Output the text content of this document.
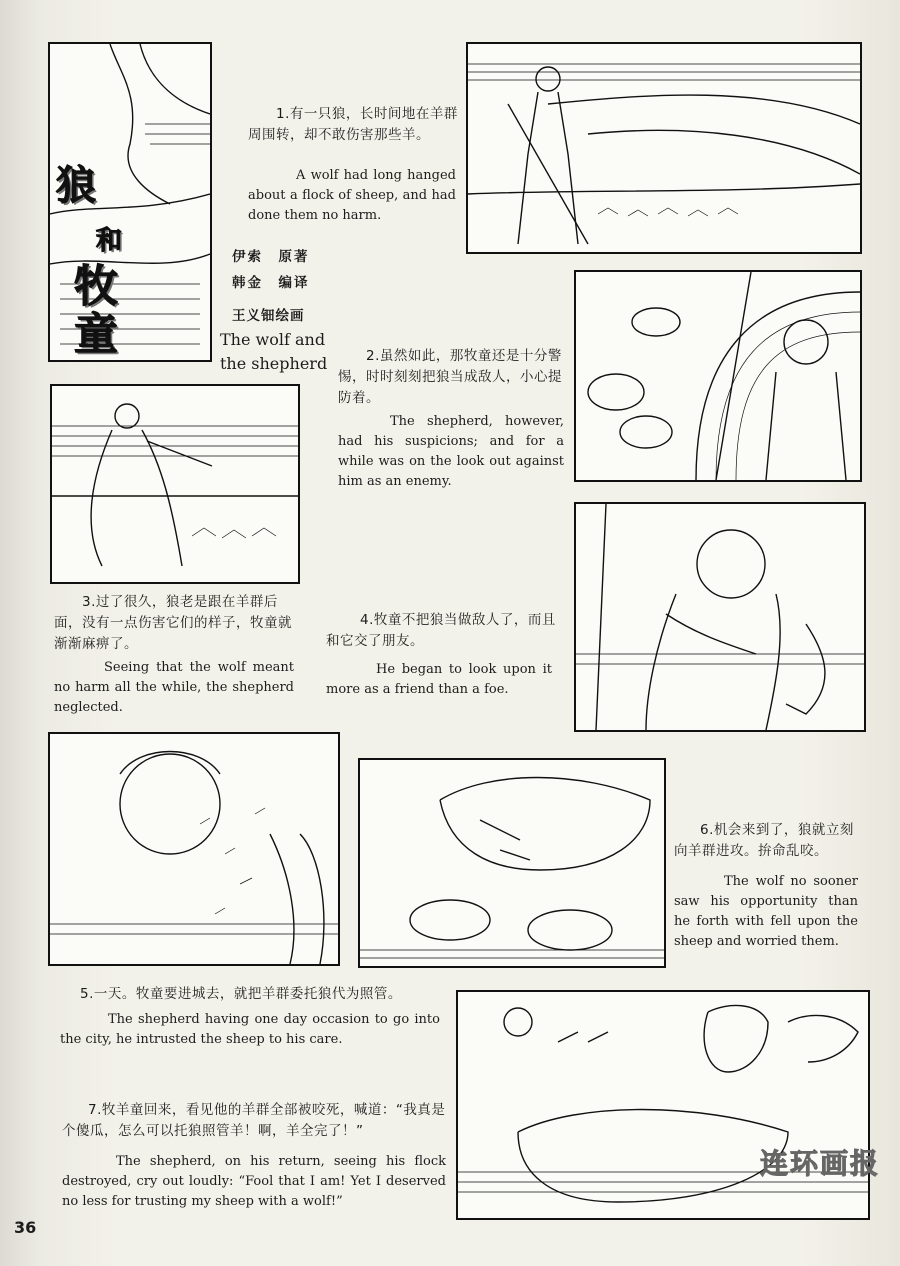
狼
和
牧
童	The wolf and the shepherd
伊索　原著
韩金　编译
王义钿绘画
1.有一只狼，长时间地在羊群周围转，却不敢伤害那些羊。
A wolf had long hanged about a flock of sheep, and had done them no harm.
2.虽然如此，那牧童还是十分警惕，时时刻刻把狼当成敌人，小心提防着。
The shepherd, however, had his suspicions; and for a while was on the look out against him as an enemy.
3.过了很久，狼老是跟在羊群后面，没有一点伤害它们的样子，牧童就渐渐麻痹了。
Seeing that the wolf meant no harm all the while, the shepherd neglected.
4.牧童不把狼当做敌人了，而且和它交了朋友。
He began to look upon it more as a friend than a foe.
5.一天。牧童要进城去，就把羊群委托狼代为照管。
The shepherd having one day occasion to go into the city, he intrusted the sheep to his care.
6.机会来到了，狼就立刻向羊群进攻。拚命乱咬。
The wolf no sooner saw his opportunity than he forth with fell upon the sheep and worried them.
7.牧羊童回来，看见他的羊群全部被咬死，喊道：“我真是个傻瓜，怎么可以托狼照管羊！啊，羊全完了！”
The shepherd, on his return, seeing his flock destroyed, cry out loudly: “Fool that I am! Yet I deserved no less for trusting my sheep with a wolf!”
连环画报
36
